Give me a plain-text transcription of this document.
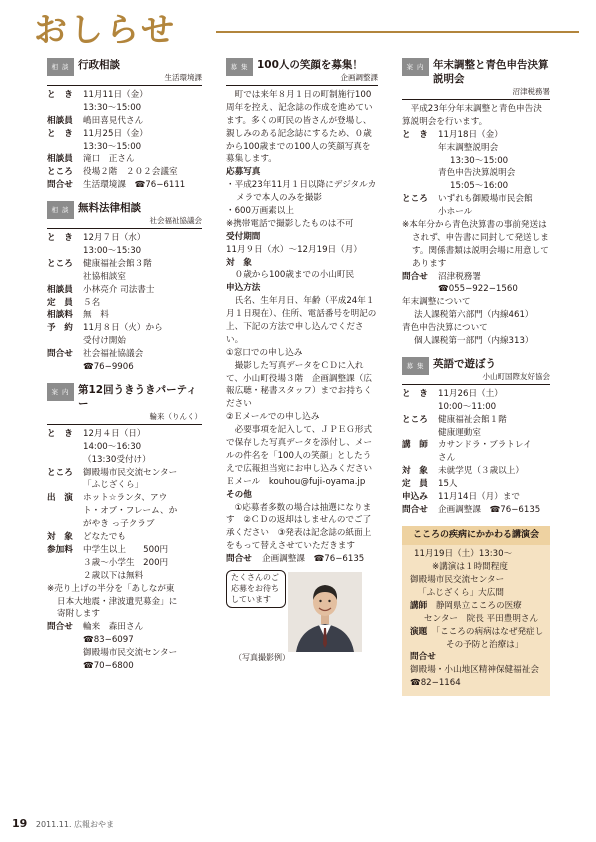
おしらせ
相 談 行政相談
生活環境課
と　き	11月11日（金）
13:30～15:00
相談員	嶋田喜見代さん
と　き	11月25日（金）
13:30～15:00
相談員	滝口　正さん
ところ	役場２階　２０２会議室
問合せ	生活環境課　☎76−6111
相 談 無料法律相談
社会福祉協議会
と　き	12月７日（水）
13:00～15:30
ところ	健康福祉会館３階
社協相談室
相談員	小林亮介 司法書士
定　員	５名
相談料	無　料
予　約	11月８日（火）から
受付け開始
問合せ	社会福祉協議会
☎76−9906
案 内 第12回うきうきパーティー
輪来（りんく）
と　き	12月４日（日）
14:00～16:30
（13:30受付け）
ところ	御殿場市民交流センター
「ふじざくら」
出　演	ホット☆ランタ、アウ
ト・オブ・フレーム、か
がやき っ子クラブ
対　象	どなたでも
参加料	中学生以上　　500円
３歳～小学生　200円
２歳以下は無料
※売り上げの半分を「あしなが東
日本大地震・津波遺児募金」に
寄附します
問合せ	輪来　森田さん
☎83−6097
御殿場市民交流センター
☎70−6800
募 集 100人の笑顔を募集！
企画調整課
町では来年８月１日の町制施行100周年を控え、記念誌の作成を進めています。多くの町民の皆さんが登場し、親しみのある記念誌にするため、０歳から100歳までの100人の笑顔写真を募集します。
応募写真
・平成23年11月１日以降にデジタルカメラで本人のみを撮影
・600万画素以上
※携帯電話で撮影したものは不可
受付期間
11月９日（水）～12月19日（月）
対　象
０歳から100歳までの小山町民
申込方法
氏名、生年月日、年齢（平成24年１月１日現在）、住所、電話番号を明記の上、下記の方法で申し込んでください。
①窓口での申し込み
撮影した写真データをＣＤに入れて、小山町役場３階　企画調整課（広報広聴・秘書スタッフ）までお持ちください
②Ｅメールでの申し込み
必要事項を記入して、ＪＰＥＧ形式で保存した写真データを添付し、メールの件名を「100人の笑顔」としたうえで広報担当宛にお申し込みください
Ｅメール　 kouhou@fuji-oyama.jp
その他
①応募者多数の場合は抽選になります　②ＣＤの返却はしませんのでご了承ください　③発表は記念誌の紙面上をもって替えさせていただきます
問合せ	企画調整課　☎76−6135
たくさんのご応募をお待ちしています
（写真撮影例）
案 内 年末調整と青色申告決算説明会
沼津税務署
平成23年分年末調整と青色申告決算説明会を行います。
と　き	11月18日（金）
年末調整説明会
13:30～15:00
青色申告決算説明会
15:05～16:00
ところ	いずれも御殿場市民会館
小ホール
※本年分から青色決算書の事前発送はされず、申告書に同封して発送します。関係書類は説明会場に用意してあります
問合せ	沼津税務署
☎055−922−1560
年末調整について
法人課税第六部門（内線461）
青色申告決算について
個人課税第一部門（内線313）
募 集 英語で遊ぼう
小山町国際友好協会
と　き	11月26日（土）
10:00～11:00
ところ	健康福祉会館１階
健康運動室
講　師	カサンドラ・ブラトレイ
さん
対　象	未就学児（３歳以上）
定　員	15人
申込み	11月14日（月）まで
問合せ	企画調整課　☎76−6135
こころの疾病にかかわる講演会
11月19日（土）13:30～
※講演は１時間程度
御殿場市民交流センター
「ふじざくら」大広間
講師　 静岡県立こころの医療
センター　院長 平田豊明さん
演題　 「こころの病病はなぜ発症し
その予防と治療は」
問合せ
御殿場・小山地区精神保健福祉会
☎82−1164
19 2011.11. 広報おやま
